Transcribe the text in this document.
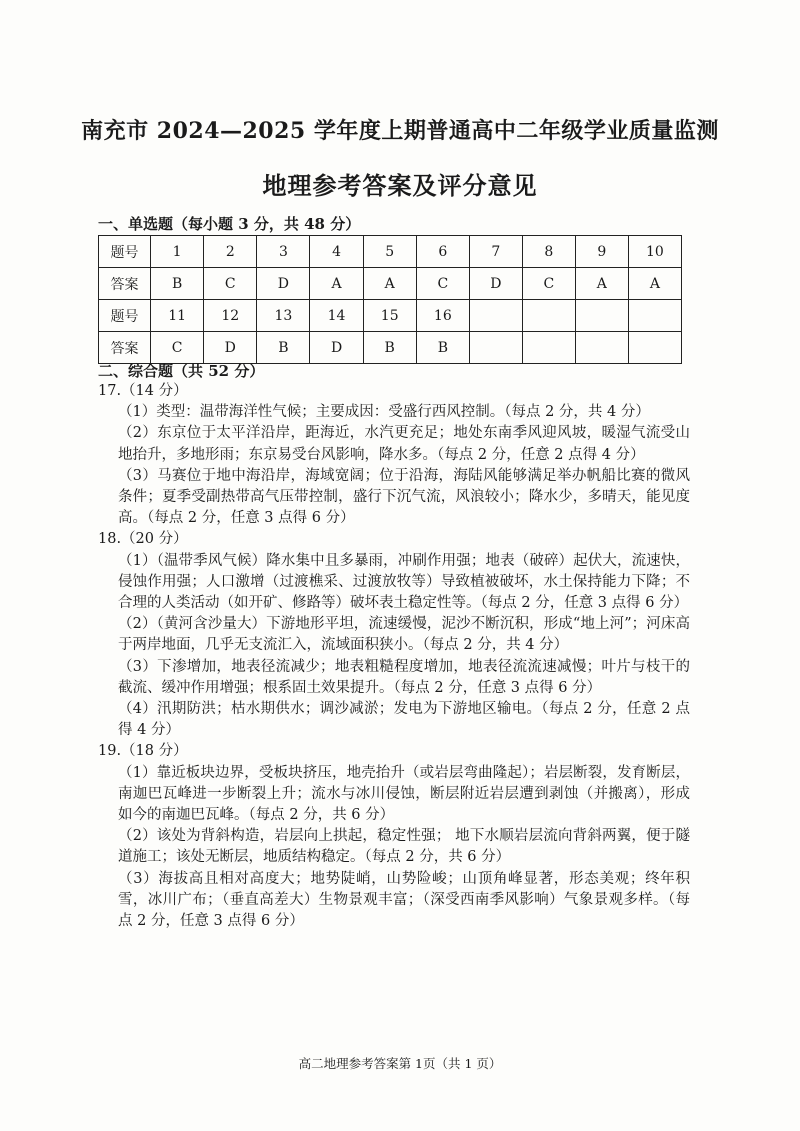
南充市 2024—2025 学年度上期普通高中二年级学业质量监测
地理参考答案及评分意见
一、单选题（每小题 3 分，共 48 分）
题号	1	2	3	4	5	6	7	8	9	10
答案	B	C	D	A	A	C	D	C	A	A
题号	11	12	13	14	15	16				
答案	C	D	B	D	B	B				
二、综合题（共 52 分）

17.（14 分）

（1）类型：温带海洋性气候；主要成因：受盛行西风控制。（每点 2 分，共 4 分）

（2）东京位于太平洋沿岸，距海近，水汽更充足；地处东南季风迎风坡，暖湿气流受山地抬升，多地形雨；东京易受台风影响，降水多。（每点 2 分，任意 2 点得 4 分）

（3）马赛位于地中海沿岸，海域宽阔；位于沿海，海陆风能够满足举办帆船比赛的微风条件；夏季受副热带高气压带控制，盛行下沉气流，风浪较小；降水少，多晴天，能见度高。（每点 2 分，任意 3 点得 6 分）

18.（20 分）

（1）（温带季风气候）降水集中且多暴雨，冲刷作用强；地表（破碎）起伏大，流速快，侵蚀作用强；人口激增（过渡樵采、过渡放牧等）导致植被破坏，水土保持能力下降；不合理的人类活动（如开矿、修路等）破坏表土稳定性等。（每点 2 分，任意 3 点得 6 分）

（2）（黄河含沙量大）下游地形平坦，流速缓慢，泥沙不断沉积，形成“地上河”；河床高于两岸地面，几乎无支流汇入，流域面积狭小。（每点 2 分，共 4 分）

（3）下渗增加，地表径流减少；地表粗糙程度增加，地表径流流速减慢；叶片与枝干的截流、缓冲作用增强；根系固土效果提升。（每点 2 分，任意 3 点得 6 分）

（4）汛期防洪；枯水期供水；调沙减淤；发电为下游地区输电。（每点 2 分，任意 2 点得 4 分）

19.（18 分）

（1）靠近板块边界，受板块挤压，地壳抬升（或岩层弯曲隆起）；岩层断裂，发育断层，南迦巴瓦峰进一步断裂上升；流水与冰川侵蚀，断层附近岩层遭到剥蚀（并搬离），形成如今的南迦巴瓦峰。（每点 2 分，共 6 分）

（2）该处为背斜构造，岩层向上拱起，稳定性强； 地下水顺岩层流向背斜两翼，便于隧道施工；该处无断层，地质结构稳定。（每点 2 分，共 6 分）

（3）海拔高且相对高度大；地势陡峭，山势险峻；山顶角峰显著，形态美观；终年积雪，冰川广布；（垂直高差大）生物景观丰富；（深受西南季风影响）气象景观多样。（每点 2 分，任意 3 点得 6 分）

高二地理参考答案第 1页（共 1 页）
